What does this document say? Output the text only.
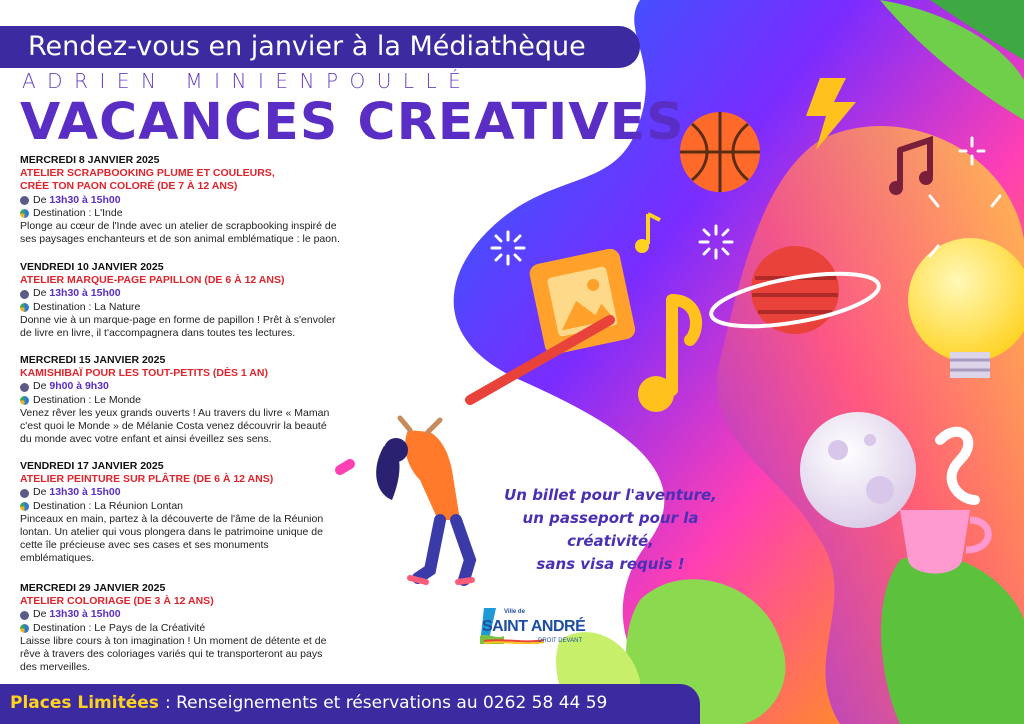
Rendez-vous en janvier à la Médiathèque
ADRIEN MINIENPOULLÉ
VACANCES CREATIVES
MERCREDI 8 JANVIER 2025
ATELIER SCRAPBOOKING PLUME ET COULEURS,
CRÉE TON PAON COLORÉ (DE 7 À 12 ANS)
De
13h30 à 15h00
Destination : L'Inde
Plonge au cœur de l'Inde avec un atelier de scrapbooking inspiré de
ses paysages enchanteurs et de son animal emblématique : le paon.
VENDREDI 10 JANVIER 2025
ATELIER MARQUE-PAGE PAPILLON (DE 6 À 12 ANS)
De
13h30 à 15h00
Destination : La Nature
Donne vie à un marque-page en forme de papillon ! Prêt à s'envoler
de livre en livre, il t'accompagnera dans toutes tes lectures.
MERCREDI 15 JANVIER 2025
KAMISHIBAÏ POUR LES TOUT-PETITS (DÈS 1 AN)
De
9h00 à 9h30
Destination : Le Monde
Venez rêver les yeux grands ouverts ! Au travers du livre « Maman
c'est quoi le Monde » de Mélanie Costa venez découvrir la beauté
du monde avec votre enfant et ainsi éveillez ses sens.
VENDREDI 17 JANVIER 2025
ATELIER PEINTURE SUR PLÂTRE (DE 6 À 12 ANS)
De
13h30 à 15h00
Destination : La Réunion Lontan
Pinceaux en main, partez à la découverte de l'âme de la Réunion
lontan. Un atelier qui vous plongera dans le patrimoine unique de
cette île précieuse avec ses cases et ses monuments
emblématiques.
MERCREDI 29 JANVIER 2025
ATELIER COLORIAGE (DE 3 À 12 ANS)
De
13h30 à 15h00
Destination : Le Pays de la Créativité
Laisse libre cours à ton imagination ! Un moment de détente et de
rêve à travers des coloriages variés qui te transporteront au pays
des merveilles.
Un billet pour l'aventure,
un passeport pour la créativité,
sans visa requis !
Ville de
SAINT ANDRÉ
DROIT DEVANT
Places Limitées : Renseignements et réservations au 0262 58 44 59
